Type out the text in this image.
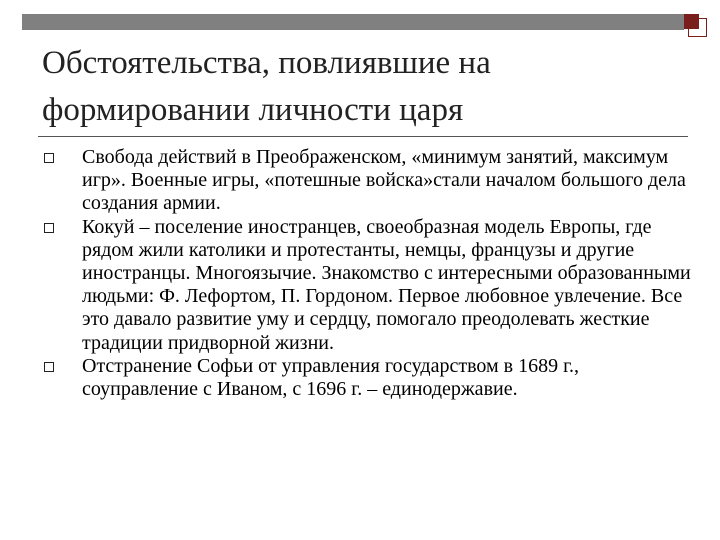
Обстоятельства, повлиявшие на
формировании личности царя
Свобода действий в Преображенском, «минимум занятий, максимум игр». Военные игры, «потешные войска»стали началом большого дела создания армии.
Кокуй – поселение иностранцев, своеобразная модель Европы, где рядом жили католики и протестанты, немцы, французы и другие иностранцы. Многоязычие. Знакомство с интересными образованными людьми: Ф. Лефортом, П. Гордоном. Первое любовное увлечение. Все это давало развитие уму и сердцу, помогало преодолевать жесткие традиции придворной жизни.
Отстранение Софьи от управления государством в 1689 г., соуправление с Иваном, с 1696 г. – единодержавие.
